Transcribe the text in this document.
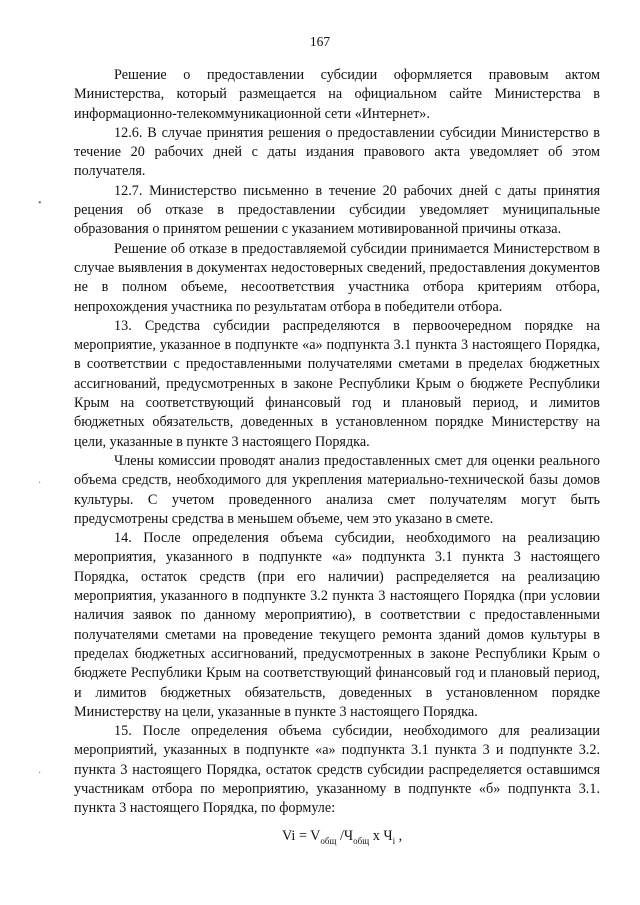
167
•
·
·

Решение о предоставлении субсидии оформляется правовым актом Министерства, который размещается на официальном сайте Министерства в информационно-телекоммуникационной сети «Интернет».

12.6. В случае принятия решения о предоставлении субсидии Министерство в течение 20 рабочих дней с даты издания правового акта уведомляет об этом получателя.

12.7. Министерство письменно в течение 20 рабочих дней с даты принятия рецения об отказе в предоставлении субсидии уведомляет муниципальные образования о принятом решении с указанием мотивированной причины отказа.

Решение об отказе в предоставляемой субсидии принимается Министерством в случае выявления в документах недостоверных сведений, предоставления документов не в полном объеме, несоответствия участника отбора критериям отбора, непрохождения участника по результатам отбора в победители отбора.

13. Средства субсидии распределяются в первоочередном порядке на мероприятие, указанное в подпункте «а» подпункта 3.1 пункта 3 настоящего Порядка, в соответствии с предоставленными получателями сметами в пределах бюджетных ассигнований, предусмотренных в законе Республики Крым о бюджете Республики Крым на соответствующий финансовый год и плановый период, и лимитов бюджетных обязательств, доведенных в установленном порядке Министерству на цели, указанные в пункте 3 настоящего Порядка.

Члены комиссии проводят анализ предоставленных смет для оценки реального объема средств, необходимого для укрепления материально-технической базы домов культуры. С учетом проведенного анализа смет получателям могут быть предусмотрены средства в меньшем объеме, чем это указано в смете.

14. После определения объема субсидии, необходимого на реализацию мероприятия, указанного в подпункте «а» подпункта 3.1 пункта 3 настоящего Порядка, остаток средств (при его наличии) распределяется на реализацию мероприятия, указанного в подпункте 3.2 пункта 3 настоящего Порядка (при условии наличия заявок по данному мероприятию), в соответствии с предоставленными получателями сметами на проведение текущего ремонта зданий домов культуры в пределах бюджетных ассигнований, предусмотренных в законе Республики Крым о бюджете Республики Крым на соответствующий финансовый год и плановый период, и лимитов бюджетных обязательств, доведенных в установленном порядке Министерству на цели, указанные в пункте 3 настоящего Порядка.

15. После определения объема субсидии, необходимого для реализации мероприятий, указанных в подпункте «а» подпункта 3.1 пункта 3 и подпункте 3.2. пункта 3 настоящего Порядка, остаток средств субсидии распределяется оставшимся участникам отбора по мероприятию, указанному в подпункте «б» подпункта 3.1. пункта 3 настоящего Порядка, по формуле:

$Vi = V_{общ}$ $/Ч_{общ}$ x $Ч_i$ ,
